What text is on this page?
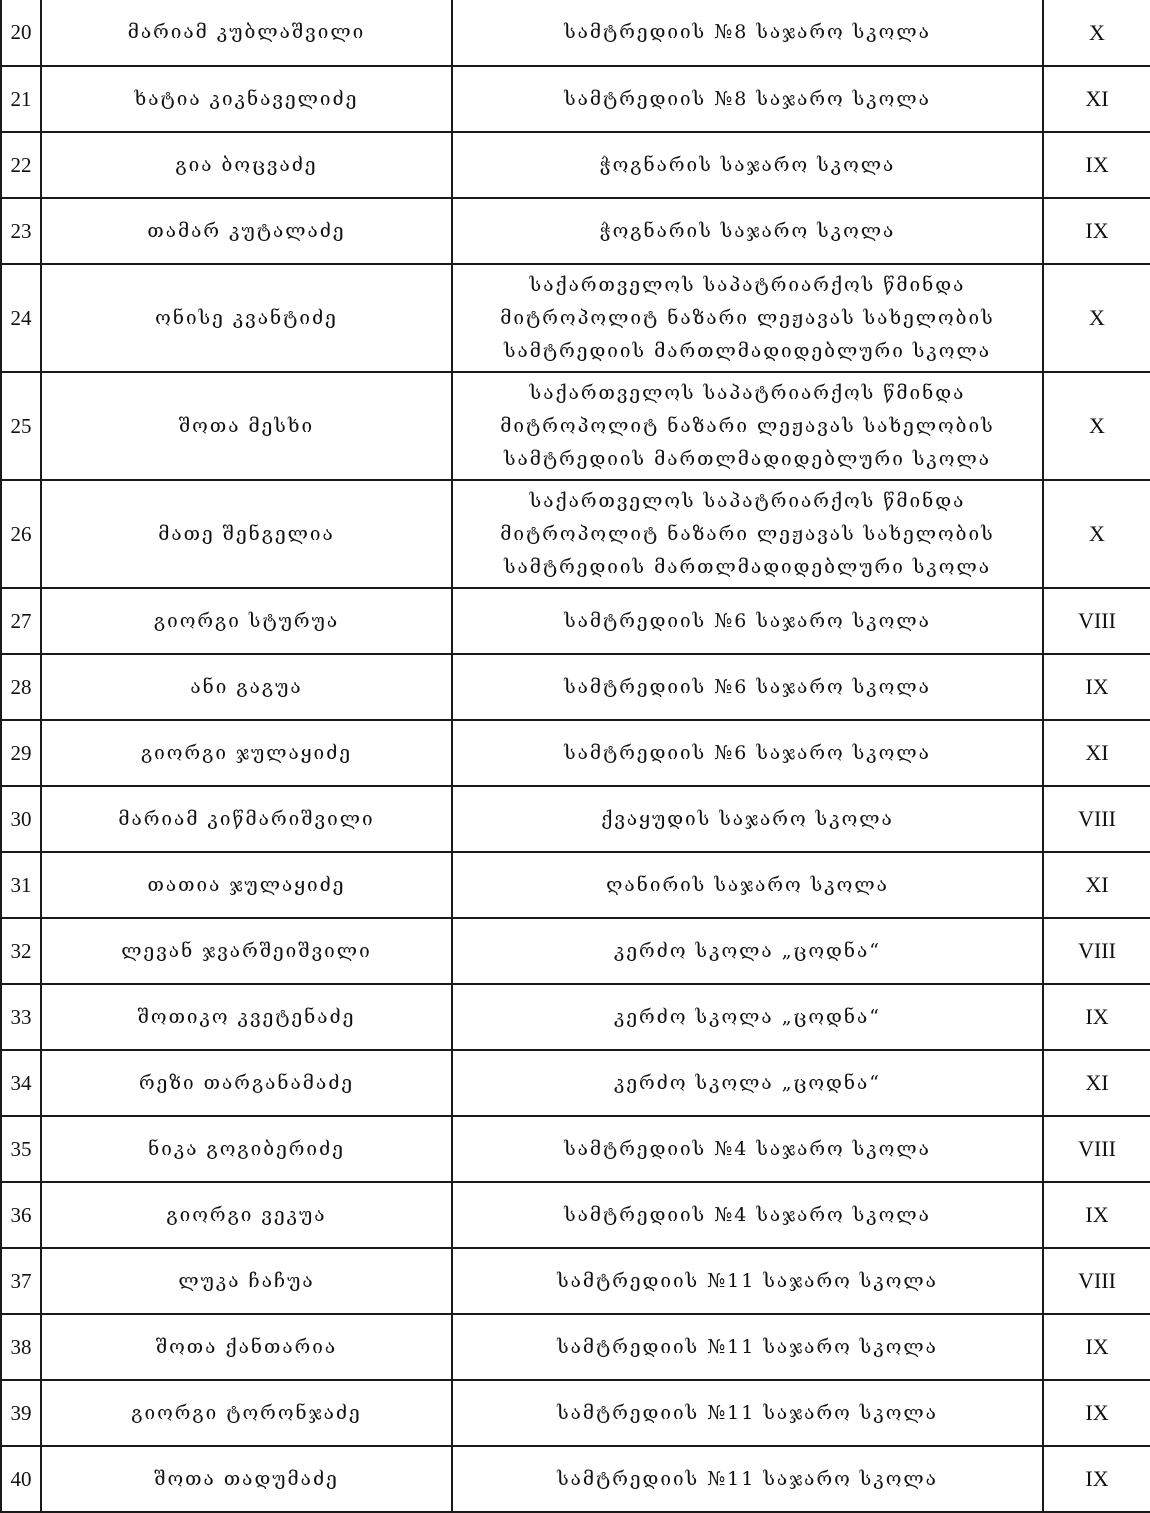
20	მარიამ კუბლაშვილი	სამტრედიის №8 საჯარო სკოლა	X
21	ხატია კიკნაველიძე	სამტრედიის №8 საჯარო სკოლა	XI
22	გია ბოცვაძე	ჭოგნარის საჯარო სკოლა	IX
23	თამარ კუტალაძე	ჭოგნარის საჯარო სკოლა	IX
24	ონისე კვანტიძე	საქართველოს საპატრიარქოს წმინდა
მიტროპოლიტ ნაზარი ლეჟავას სახელობის
სამტრედიის მართლმადიდებლური სკოლა	X
25	შოთა მესხი	საქართველოს საპატრიარქოს წმინდა
მიტროპოლიტ ნაზარი ლეჟავას სახელობის
სამტრედიის მართლმადიდებლური სკოლა	X
26	მათე შენგელია	საქართველოს საპატრიარქოს წმინდა
მიტროპოლიტ ნაზარი ლეჟავას სახელობის
სამტრედიის მართლმადიდებლური სკოლა	X
27	გიორგი სტურუა	სამტრედიის №6 საჯარო სკოლა	VIII
28	ანი გაგუა	სამტრედიის №6 საჯარო სკოლა	IX
29	გიორგი ჯულაყიძე	სამტრედიის №6 საჯარო სკოლა	XI
30	მარიამ კიწმარიშვილი	ქვაყუდის საჯარო სკოლა	VIII
31	თათია ჯულაყიძე	ღანირის საჯარო სკოლა	XI
32	ლევან ჯვარშეიშვილი	კერძო სკოლა „ცოდნა“	VIII
33	შოთიკო კვეტენაძე	კერძო სკოლა „ცოდნა“	IX
34	რეზი თარგანამაძე	კერძო სკოლა „ცოდნა“	XI
35	ნიკა გოგიბერიძე	სამტრედიის №4 საჯარო სკოლა	VIII
36	გიორგი ვეკუა	სამტრედიის №4 საჯარო სკოლა	IX
37	ლუკა ჩაჩუა	სამტრედიის №11 საჯარო სკოლა	VIII
38	შოთა ქანთარია	სამტრედიის №11 საჯარო სკოლა	IX
39	გიორგი ტორონჯაძე	სამტრედიის №11 საჯარო სკოლა	IX
40	შოთა თადუმაძე	სამტრედიის №11 საჯარო სკოლა	IX
